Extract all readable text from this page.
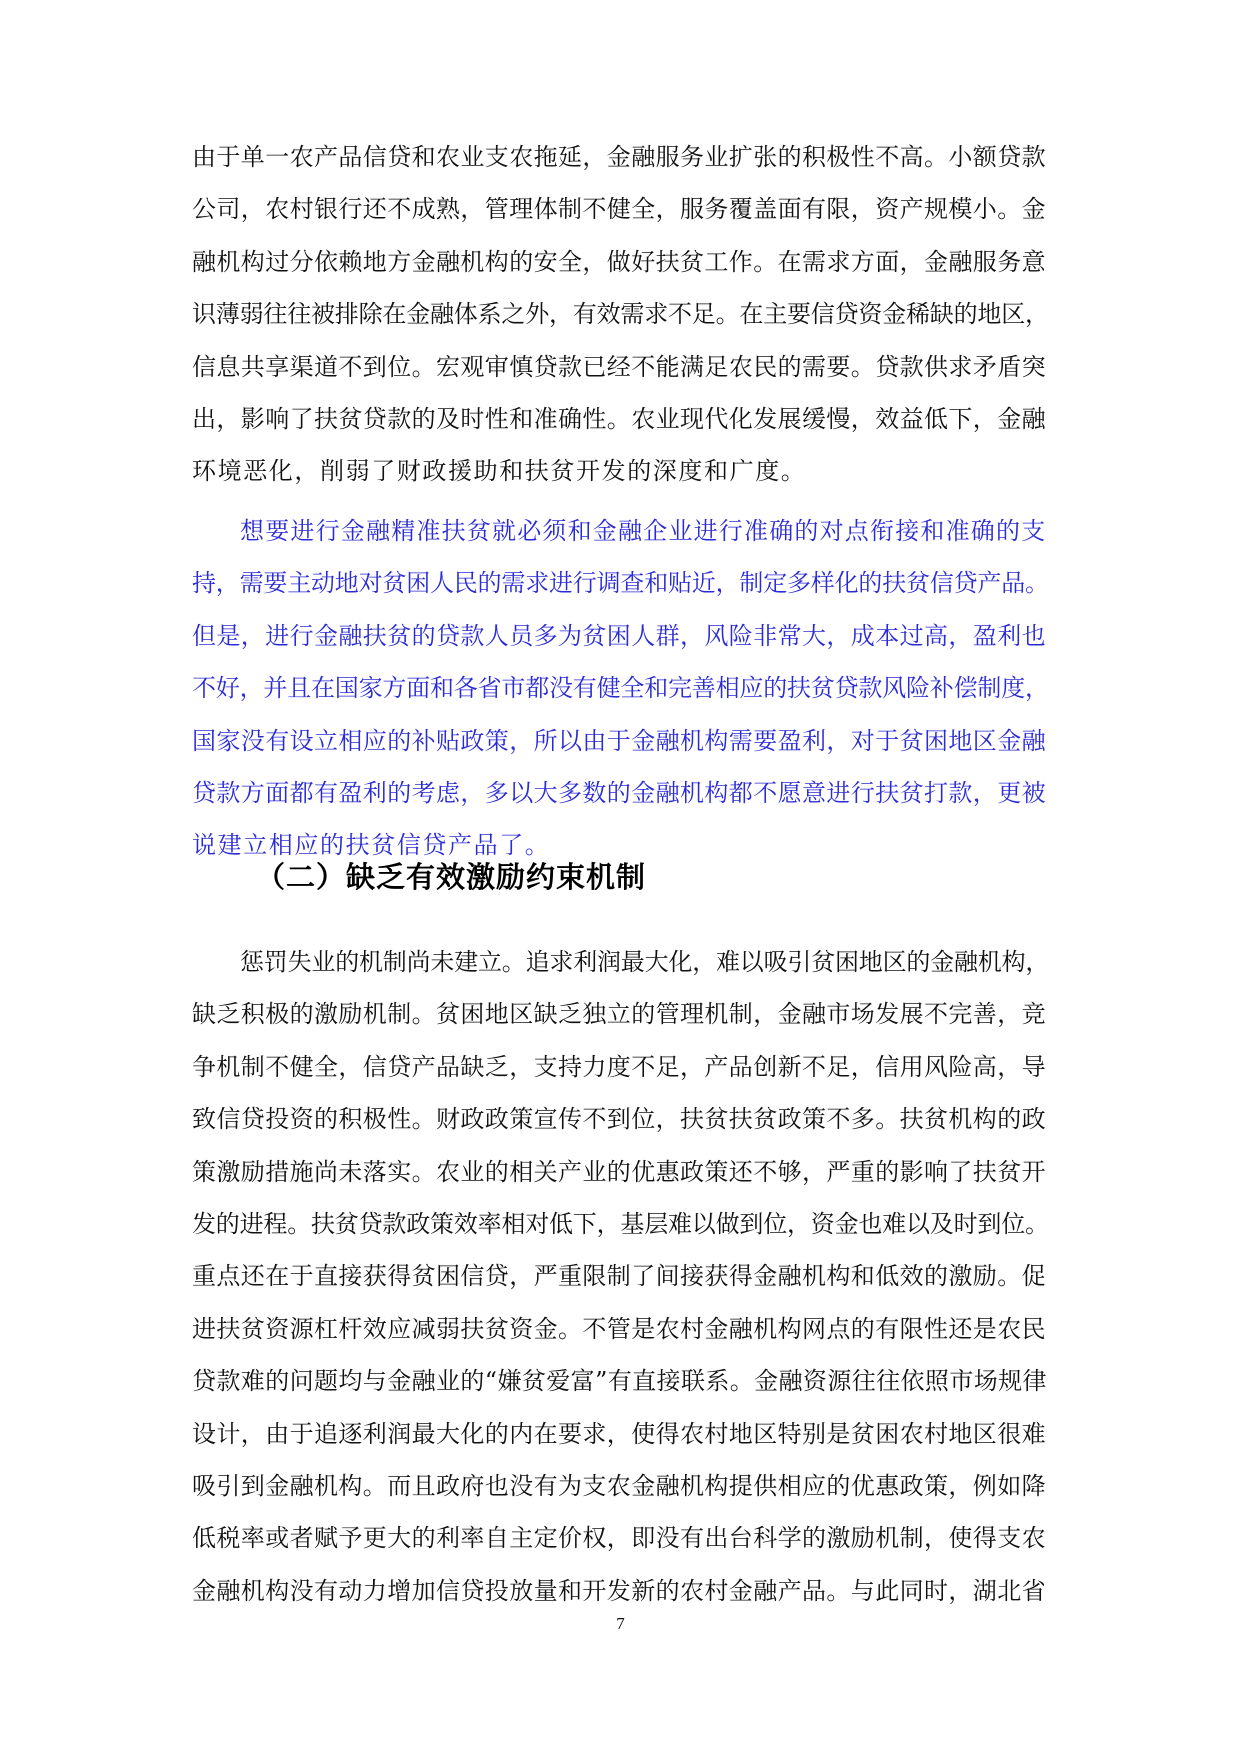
由于单一农产品信贷和农业支农拖延，金融服务业扩张的积极性不高。小额贷款
公司，农村银行还不成熟，管理体制不健全，服务覆盖面有限，资产规模小。金
融机构过分依赖地方金融机构的安全，做好扶贫工作。在需求方面，金融服务意
识薄弱往往被排除在金融体系之外，有效需求不足。在主要信贷资金稀缺的地区，
信息共享渠道不到位。宏观审慎贷款已经不能满足农民的需要。贷款供求矛盾突
出，影响了扶贫贷款的及时性和准确性。农业现代化发展缓慢，效益低下，金融
环境恶化，削弱了财政援助和扶贫开发的深度和广度。
想要进行金融精准扶贫就必须和金融企业进行准确的对点衔接和准确的支
持，需要主动地对贫困人民的需求进行调查和贴近，制定多样化的扶贫信贷产品。
但是，进行金融扶贫的贷款人员多为贫困人群，风险非常大，成本过高，盈利也
不好，并且在国家方面和各省市都没有健全和完善相应的扶贫贷款风险补偿制度，
国家没有设立相应的补贴政策，所以由于金融机构需要盈利，对于贫困地区金融
贷款方面都有盈利的考虑，多以大多数的金融机构都不愿意进行扶贫打款，更被
说建立相应的扶贫信贷产品了。
（二）缺乏有效激励约束机制
惩罚失业的机制尚未建立。追求利润最大化，难以吸引贫困地区的金融机构，
缺乏积极的激励机制。贫困地区缺乏独立的管理机制，金融市场发展不完善，竞
争机制不健全，信贷产品缺乏，支持力度不足，产品创新不足，信用风险高，导
致信贷投资的积极性。财政政策宣传不到位，扶贫扶贫政策不多。扶贫机构的政
策激励措施尚未落实。农业的相关产业的优惠政策还不够，严重的影响了扶贫开
发的进程。扶贫贷款政策效率相对低下，基层难以做到位，资金也难以及时到位。
重点还在于直接获得贫困信贷，严重限制了间接获得金融机构和低效的激励。促
进扶贫资源杠杆效应减弱扶贫资金。不管是农村金融机构网点的有限性还是农民
贷款难的问题均与金融业的“嫌贫爱富”有直接联系。金融资源往往依照市场规律
设计，由于追逐利润最大化的内在要求，使得农村地区特别是贫困农村地区很难
吸引到金融机构。而且政府也没有为支农金融机构提供相应的优惠政策，例如降
低税率或者赋予更大的利率自主定价权，即没有出台科学的激励机制，使得支农
金融机构没有动力增加信贷投放量和开发新的农村金融产品。与此同时，湖北省
7
